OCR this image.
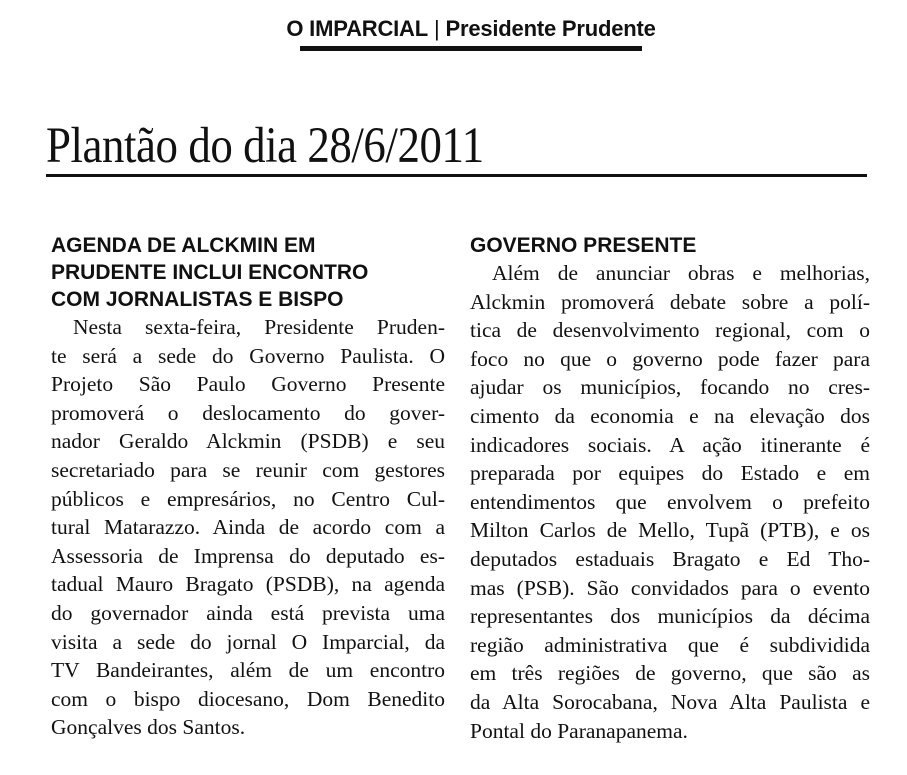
O IMPARCIAL | Presidente Prudente
Plantão do dia 28/6/2011
AGENDA DE ALCKMIN EM
PRUDENTE INCLUI ENCONTRO
COM JORNALISTAS E BISPO
Nesta sexta-feira, Presidente Pruden-
te será a sede do Governo Paulista. O
Projeto São Paulo Governo Presente
promoverá o deslocamento do gover-
nador Geraldo Alckmin (PSDB) e seu
secretariado para se reunir com gestores
públicos e empresários, no Centro Cul-
tural Matarazzo. Ainda de acordo com a
Assessoria de Imprensa do deputado es-
tadual Mauro Bragato (PSDB), na agenda
do governador ainda está prevista uma
visita a sede do jornal O Imparcial, da
TV Bandeirantes, além de um encontro
com o bispo diocesano, Dom Benedito
Gonçalves dos Santos.
GOVERNO PRESENTE
Além de anunciar obras e melhorias,
Alckmin promoverá debate sobre a polí-
tica de desenvolvimento regional, com o
foco no que o governo pode fazer para
ajudar os municípios, focando no cres-
cimento da economia e na elevação dos
indicadores sociais. A ação itinerante é
preparada por equipes do Estado e em
entendimentos que envolvem o prefeito
Milton Carlos de Mello, Tupã (PTB), e os
deputados estaduais Bragato e Ed Tho-
mas (PSB). São convidados para o evento
representantes dos municípios da décima
região administrativa que é subdividida
em três regiões de governo, que são as
da Alta Sorocabana, Nova Alta Paulista e
Pontal do Paranapanema.
